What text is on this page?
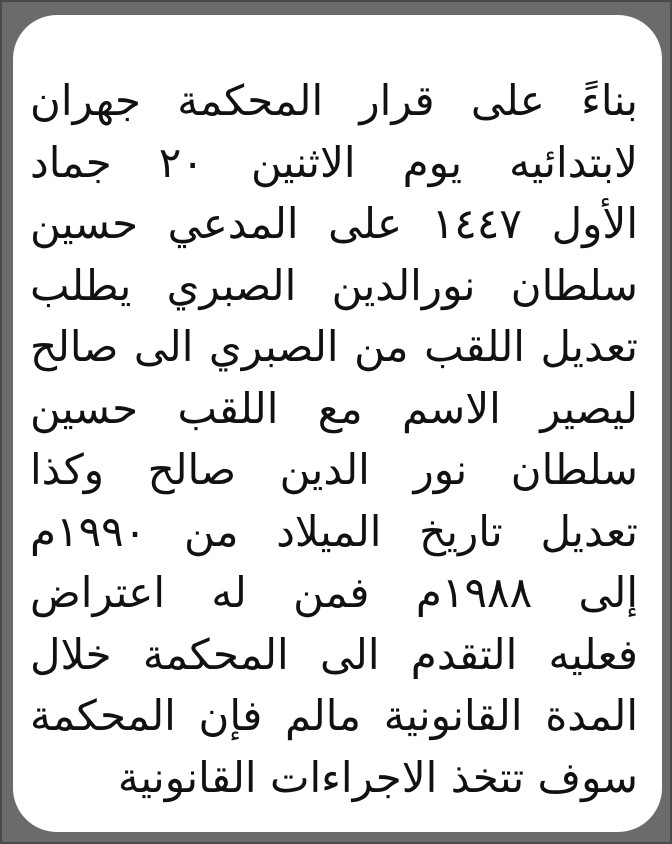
بناءً على قرار المحكمة جهران
لابتدائيه يوم الاثنين ٢٠ جماد
الأول ١٤٤٧ على المدعي حسين
سلطان نورالدين الصبري يطلب
تعديل اللقب من الصبري الى صالح
ليصير الاسم مع اللقب حسين
سلطان نور الدين صالح وكذا
تعديل تاريخ الميلاد من ١٩٩٠م
إلى ١٩٨٨م فمن له اعتراض
فعليه التقدم الى المحكمة خلال
المدة القانونية مالم فإن المحكمة
سوف تتخذ الاجراءات القانونية
